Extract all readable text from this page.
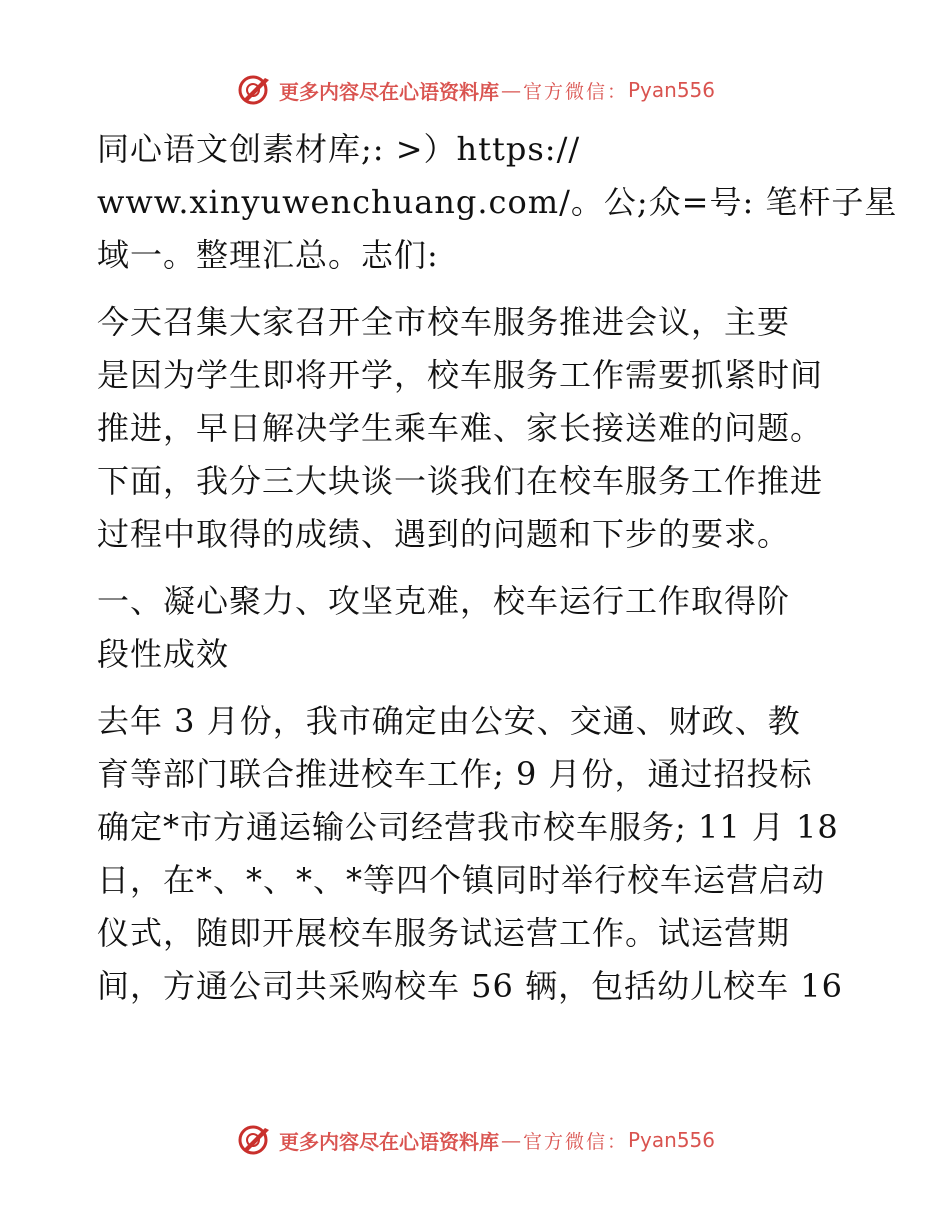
更多内容尽在心语资料库 — 官方微信： Pyan556

同心语文创素材库;: >）https://
www.xinyuwenchuang.com/。公;众=号: 笔杆子星
域一。整理汇总。志们:

今天召集大家召开全市校车服务推进会议，主要
是因为学生即将开学，校车服务工作需要抓紧时间
推进，早日解决学生乘车难、家长接送难的问题。
下面，我分三大块谈一谈我们在校车服务工作推进
过程中取得的成绩、遇到的问题和下步的要求。

一、凝心聚力、攻坚克难，校车运行工作取得阶
段性成效

去年 3 月份，我市确定由公安、交通、财政、教
育等部门联合推进校车工作; 9 月份，通过招投标
确定*市方通运输公司经营我市校车服务; 11 月 18
日，在*、*、*、*等四个镇同时举行校车运营启动
仪式，随即开展校车服务试运营工作。试运营期
间，方通公司共采购校车 56 辆，包括幼儿校车 16

更多内容尽在心语资料库 — 官方微信： Pyan556
